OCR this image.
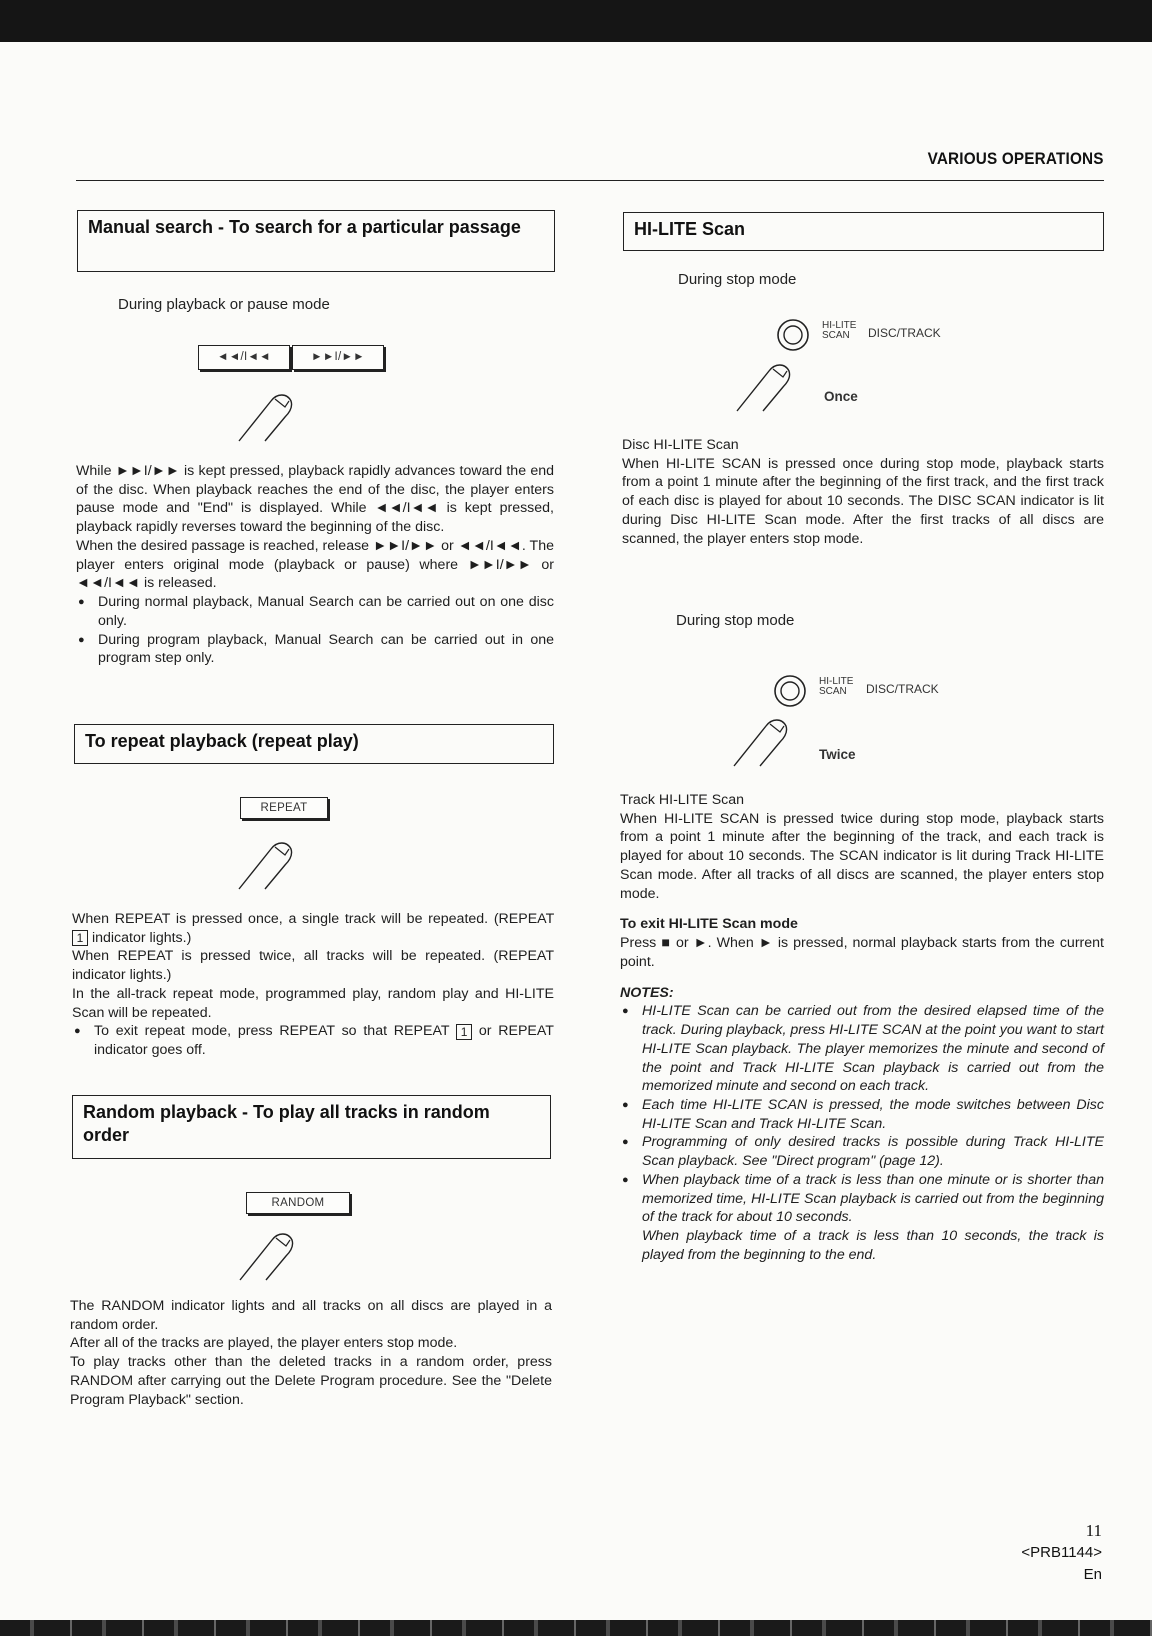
VARIOUS OPERATIONS
Manual search - To search for a particular passage
During playback or pause mode
◄◄/I◄◄	►►I/►►

While ►►I/►► is kept pressed, playback rapidly advances toward the end of the disc. When playback reaches the end of the disc, the player enters pause mode and "End" is displayed. While ◄◄/I◄◄ is kept pressed, playback rapidly reverses toward the beginning of the disc.

When the desired passage is reached, release ►►I/►► or ◄◄/I◄◄. The player enters original mode (playback or pause) where ►►I/►► or ◄◄/I◄◄ is released.

● During normal playback, Manual Search can be carried out on one disc only.
● During program playback, Manual Search can be carried out in one program step only.
To repeat playback (repeat play)
REPEAT

When REPEAT is pressed once, a single track will be repeated. (REPEAT 1 indicator lights.)

When REPEAT is pressed twice, all tracks will be repeated. (REPEAT indicator lights.)

In the all-track repeat mode, programmed play, random play and HI-LITE Scan will be repeated.

● To exit repeat mode, press REPEAT so that REPEAT 1 or REPEAT indicator goes off.
Random playback - To play all tracks in random order
RANDOM

The RANDOM indicator lights and all tracks on all discs are played in a random order.

After all of the tracks are played, the player enters stop mode.

To play tracks other than the deleted tracks in a random order, press RANDOM after carrying out the Delete Program procedure. See the "Delete Program Playback" section.

HI-LITE Scan
During stop mode
HI-LITE
SCAN	DISC/TRACK
Once

Disc HI-LITE Scan

When HI-LITE SCAN is pressed once during stop mode, playback starts from a point 1 minute after the beginning of the first track, and the first track of each disc is played for about 10 seconds. The DISC SCAN indicator is lit during Disc HI-LITE Scan mode. After the first tracks of all discs are scanned, the player enters stop mode.

During stop mode
HI-LITE
SCAN	DISC/TRACK
Twice

Track HI-LITE Scan

When HI-LITE SCAN is pressed twice during stop mode, playback starts from a point 1 minute after the beginning of the track, and each track is played for about 10 seconds. The SCAN indicator is lit during Track HI-LITE Scan mode. After all tracks of all discs are scanned, the player enters stop mode.

To exit HI-LITE Scan mode

Press ■ or ►. When ► is pressed, normal playback starts from the current point.

NOTES:

● HI-LITE Scan can be carried out from the desired elapsed time of the track. During playback, press HI-LITE SCAN at the point you want to start HI-LITE Scan playback. The player memorizes the minute and second of the point and Track HI-LITE Scan playback is carried out from the memorized minute and second on each track.
● Each time HI-LITE SCAN is pressed, the mode switches between Disc HI-LITE Scan and Track HI-LITE Scan.
● Programming of only desired tracks is possible during Track HI-LITE Scan playback. See "Direct program" (page 12).
● When playback time of a track is less than one minute or is shorter than memorized time, HI-LITE Scan playback is carried out from the beginning of the track for about 10 seconds.

When playback time of a track is less than 10 seconds, the track is played from the beginning to the end.

11
<PRB1144>
En
